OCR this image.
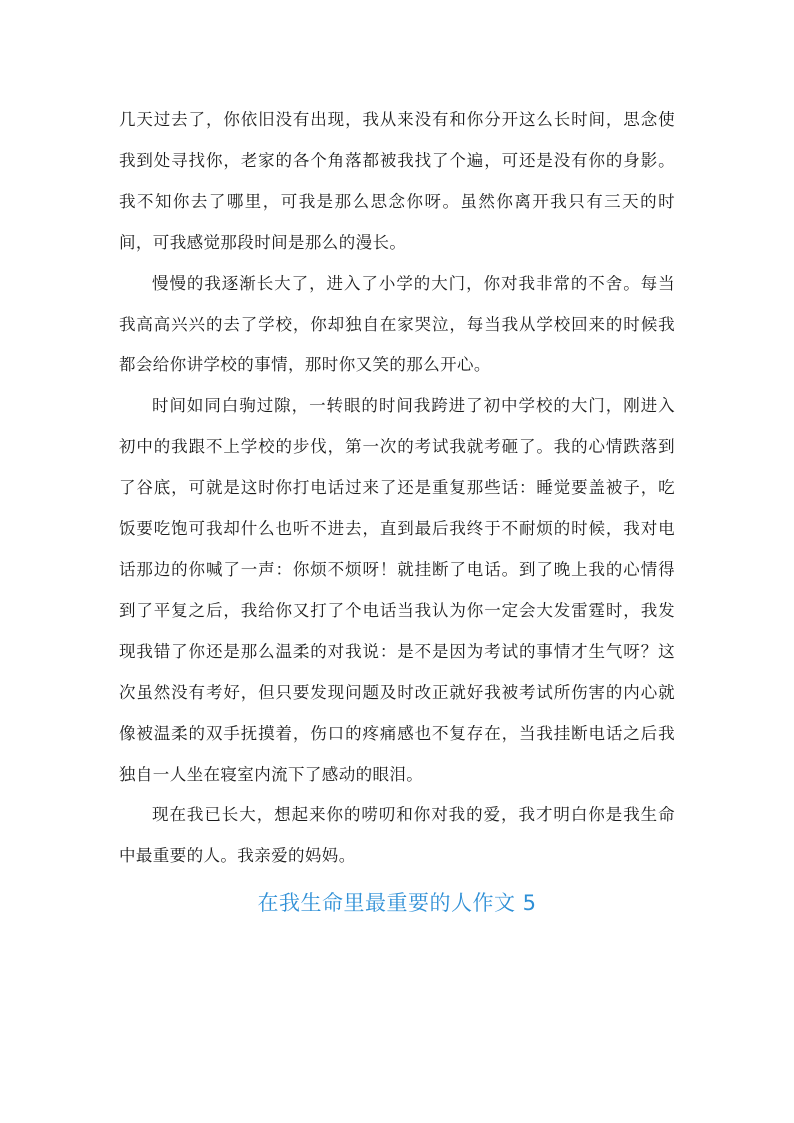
几天过去了，你依旧没有出现，我从来没有和你分开这么长时间，思念使我到处寻找你，老家的各个角落都被我找了个遍，可还是没有你的身影。我不知你去了哪里，可我是那么思念你呀。虽然你离开我只有三天的时间，可我感觉那段时间是那么的漫长。

慢慢的我逐渐长大了，进入了小学的大门，你对我非常的不舍。每当我高高兴兴的去了学校，你却独自在家哭泣，每当我从学校回来的时候我都会给你讲学校的事情，那时你又笑的那么开心。

时间如同白驹过隙，一转眼的时间我跨进了初中学校的大门，刚进入初中的我跟不上学校的步伐，第一次的考试我就考砸了。我的心情跌落到了谷底，可就是这时你打电话过来了还是重复那些话：睡觉要盖被子，吃饭要吃饱可我却什么也听不进去，直到最后我终于不耐烦的时候，我对电话那边的你喊了一声：你烦不烦呀！就挂断了电话。到了晚上我的心情得到了平复之后，我给你又打了个电话当我认为你一定会大发雷霆时，我发现我错了你还是那么温柔的对我说：是不是因为考试的事情才生气呀？这次虽然没有考好，但只要发现问题及时改正就好我被考试所伤害的内心就像被温柔的双手抚摸着，伤口的疼痛感也不复存在，当我挂断电话之后我独自一人坐在寝室内流下了感动的眼泪。

现在我已长大，想起来你的唠叨和你对我的爱，我才明白你是我生命中最重要的人。我亲爱的妈妈。

在我生命里最重要的人作文 5
